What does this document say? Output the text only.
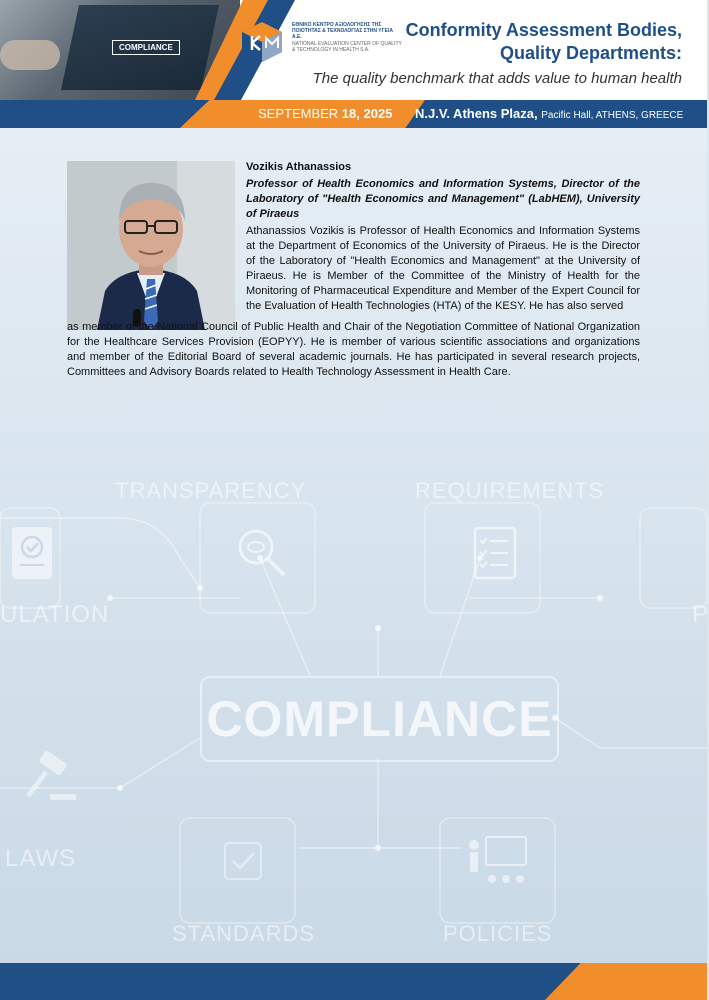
TRANSPARENCY	REQUIREMENTS
ULATION	P
COMPLIANCE
LAWS
STANDARDS	POLICIES
COMPLIANCE
ΕΘΝΙΚΟ ΚΕΝΤΡΟ ΑΞΙΟΛΟΓΗΣΗΣ ΤΗΣ ΠΟΙΟΤΗΤΑΣ & ΤΕΧΝΟΛΟΓΙΑΣ ΣΤΗΝ ΥΓΕΙΑ Α.Ε.
NATIONAL EVALUATION CENTER OF QUALITY & TECHNOLOGY IN HEALTH S.A.
Conformity Assessment Bodies,
Quality Departments:
The quality benchmark that adds value to human health
SEPTEMBER 18, 2025 N.J.V. Athens Plaza, Pacific Hall, ATHENS, GREECE
Vozikis Athanassios
Professor of Health Economics and Information Systems, Director of the Laboratory of "Health Economics and Management" (LabHEM), University of Piraeus
Athanassios Vozikis is Professor of Health Economics and Information Systems at the Department of Economics of the University of Piraeus. He is the Director of the Laboratory of "Health Economics and Management" at the University of Piraeus. He is Member of the Committee of the Ministry of Health for the Monitoring of Pharmaceutical Expenditure and Member of the Expert Council for the Evaluation of Health Technologies (HTA) of the KESY. He has also served
as member of the National Council of Public Health and Chair of the Negotiation Committee of National Organization for the Healthcare Services Provision (EOPYY). He is member of various scientific associations and organizations and member of the Editorial Board of several academic journals. He has participated in several research projects, Committees and Advisory Boards related to Health Technology Assessment in Health Care.
